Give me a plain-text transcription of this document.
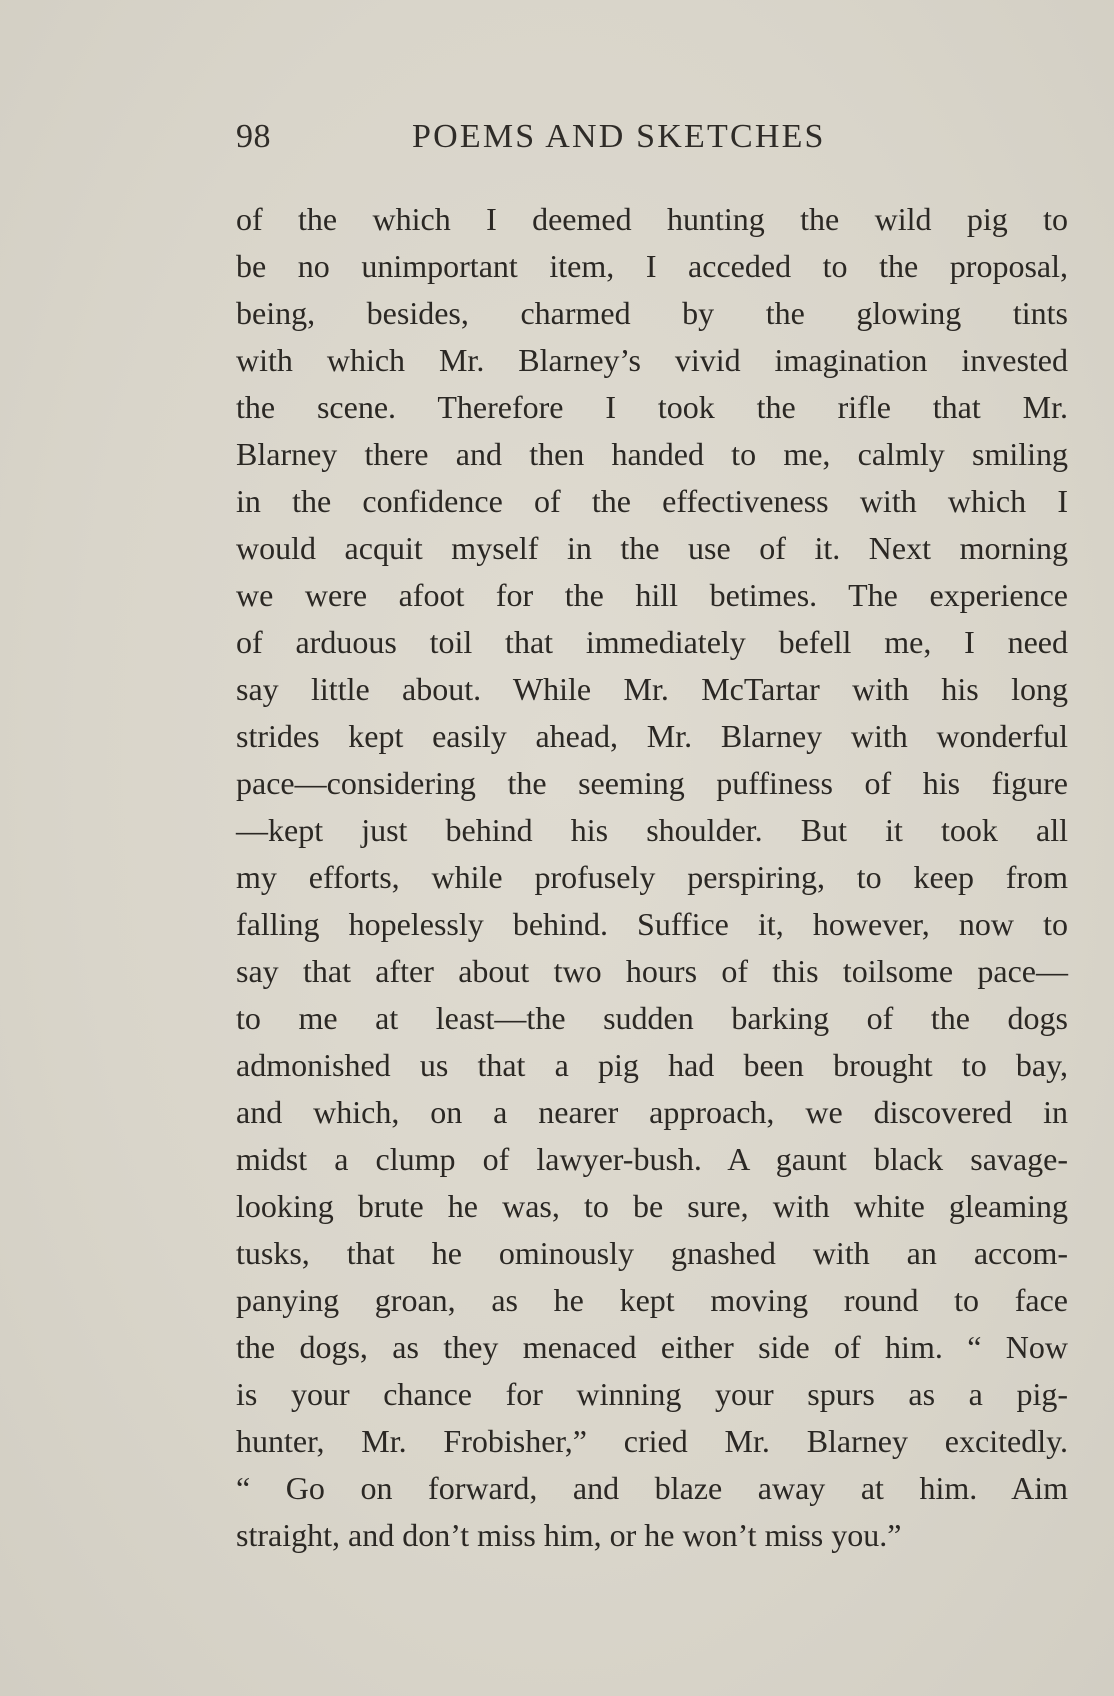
98	POEMS AND SKETCHES
of the which I deemed hunting the wild pig to
be no unimportant item, I acceded to the proposal,
being, besides, charmed by the glowing tints
with which Mr. Blarney’s vivid imagination invested
the scene. Therefore I took the rifle that Mr.
Blarney there and then handed to me, calmly smiling
in the confidence of the effectiveness with which I
would acquit myself in the use of it. Next morning
we were afoot for the hill betimes. The experience
of arduous toil that immediately befell me, I need
say little about. While Mr. McTartar with his long
strides kept easily ahead, Mr. Blarney with wonderful
pace—considering the seeming puffiness of his figure
—kept just behind his shoulder. But it took all
my efforts, while profusely perspiring, to keep from
falling hopelessly behind. Suffice it, however, now to
say that after about two hours of this toilsome pace—
to me at least—the sudden barking of the dogs
admonished us that a pig had been brought to bay,
and which, on a nearer approach, we discovered in
midst a clump of lawyer-bush. A gaunt black savage-
looking brute he was, to be sure, with white gleaming
tusks, that he ominously gnashed with an accom-
panying groan, as he kept moving round to face
the dogs, as they menaced either side of him. “ Now
is your chance for winning your spurs as a pig-
hunter, Mr. Frobisher,” cried Mr. Blarney excitedly.
“ Go on forward, and blaze away at him. Aim
straight, and don’t miss him, or he won’t miss you.”
